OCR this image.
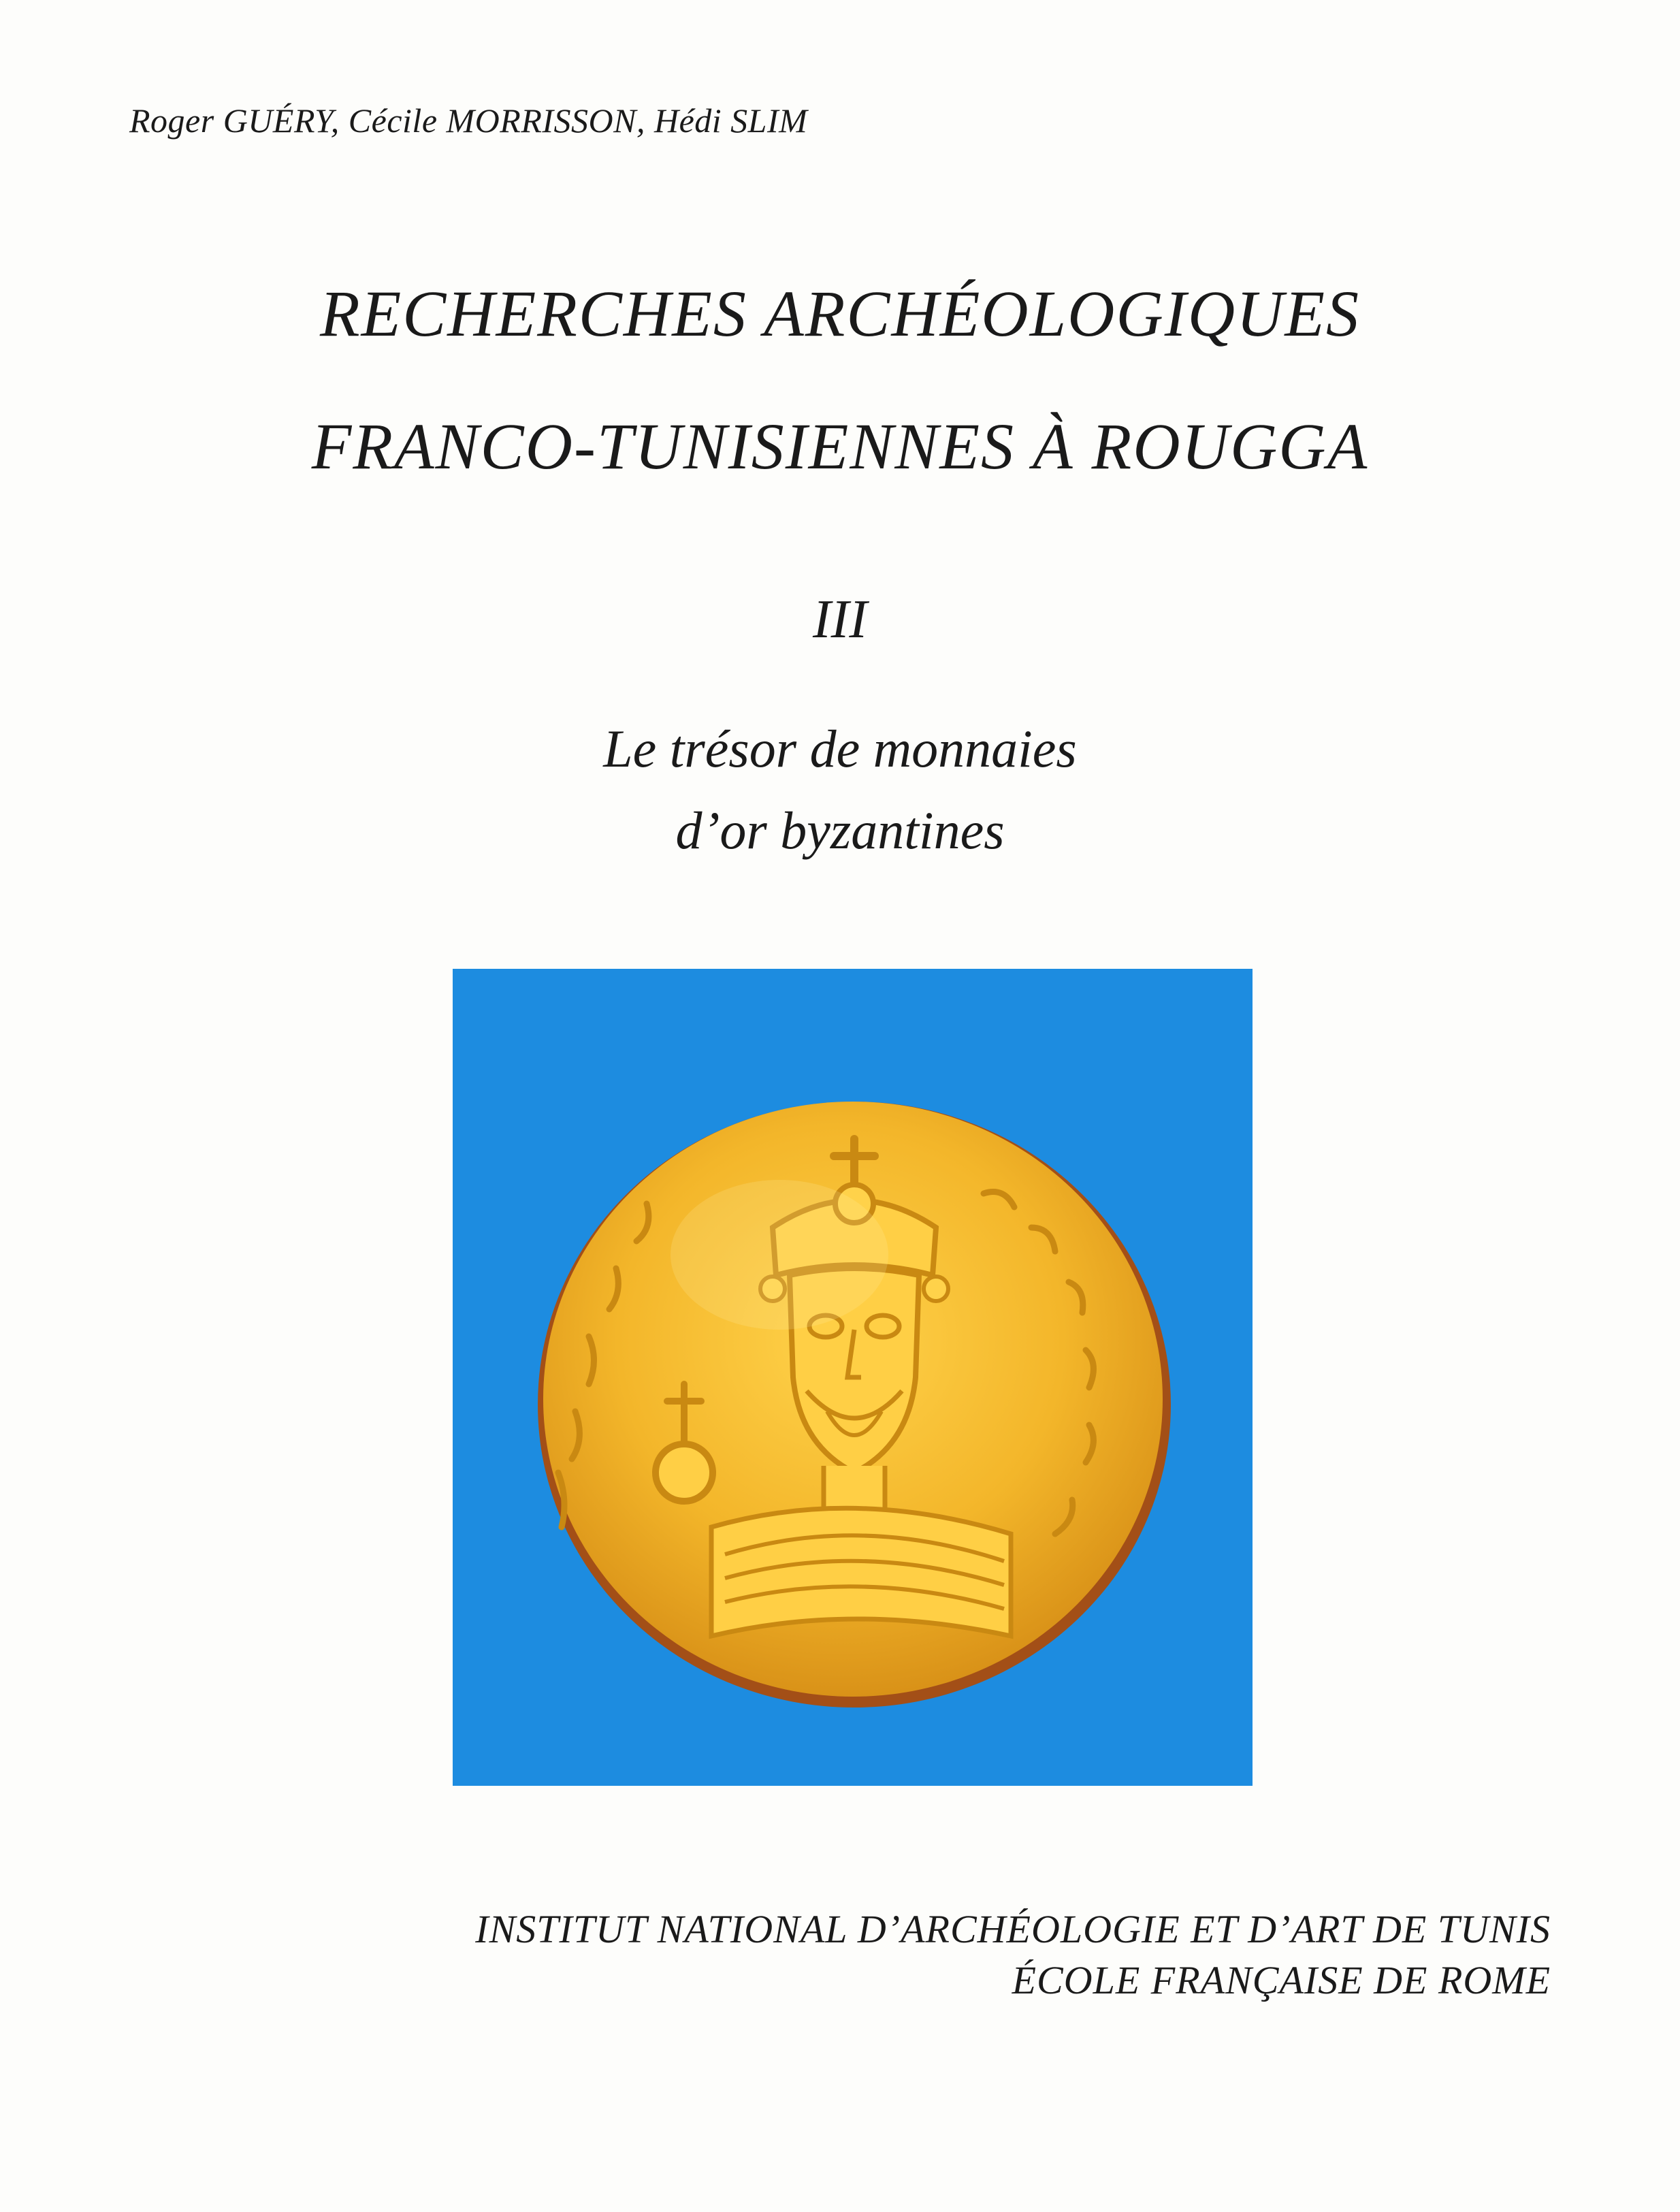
Roger GUÉRY, Cécile MORRISSON, Hédi SLIM
RECHERCHES ARCHÉOLOGIQUES
FRANCO-TUNISIENNES À ROUGGA
III
Le trésor de monnaies
d’or byzantines
INSTITUT NATIONAL D’ARCHÉOLOGIE ET D’ART DE TUNIS
ÉCOLE FRANÇAISE DE ROME
